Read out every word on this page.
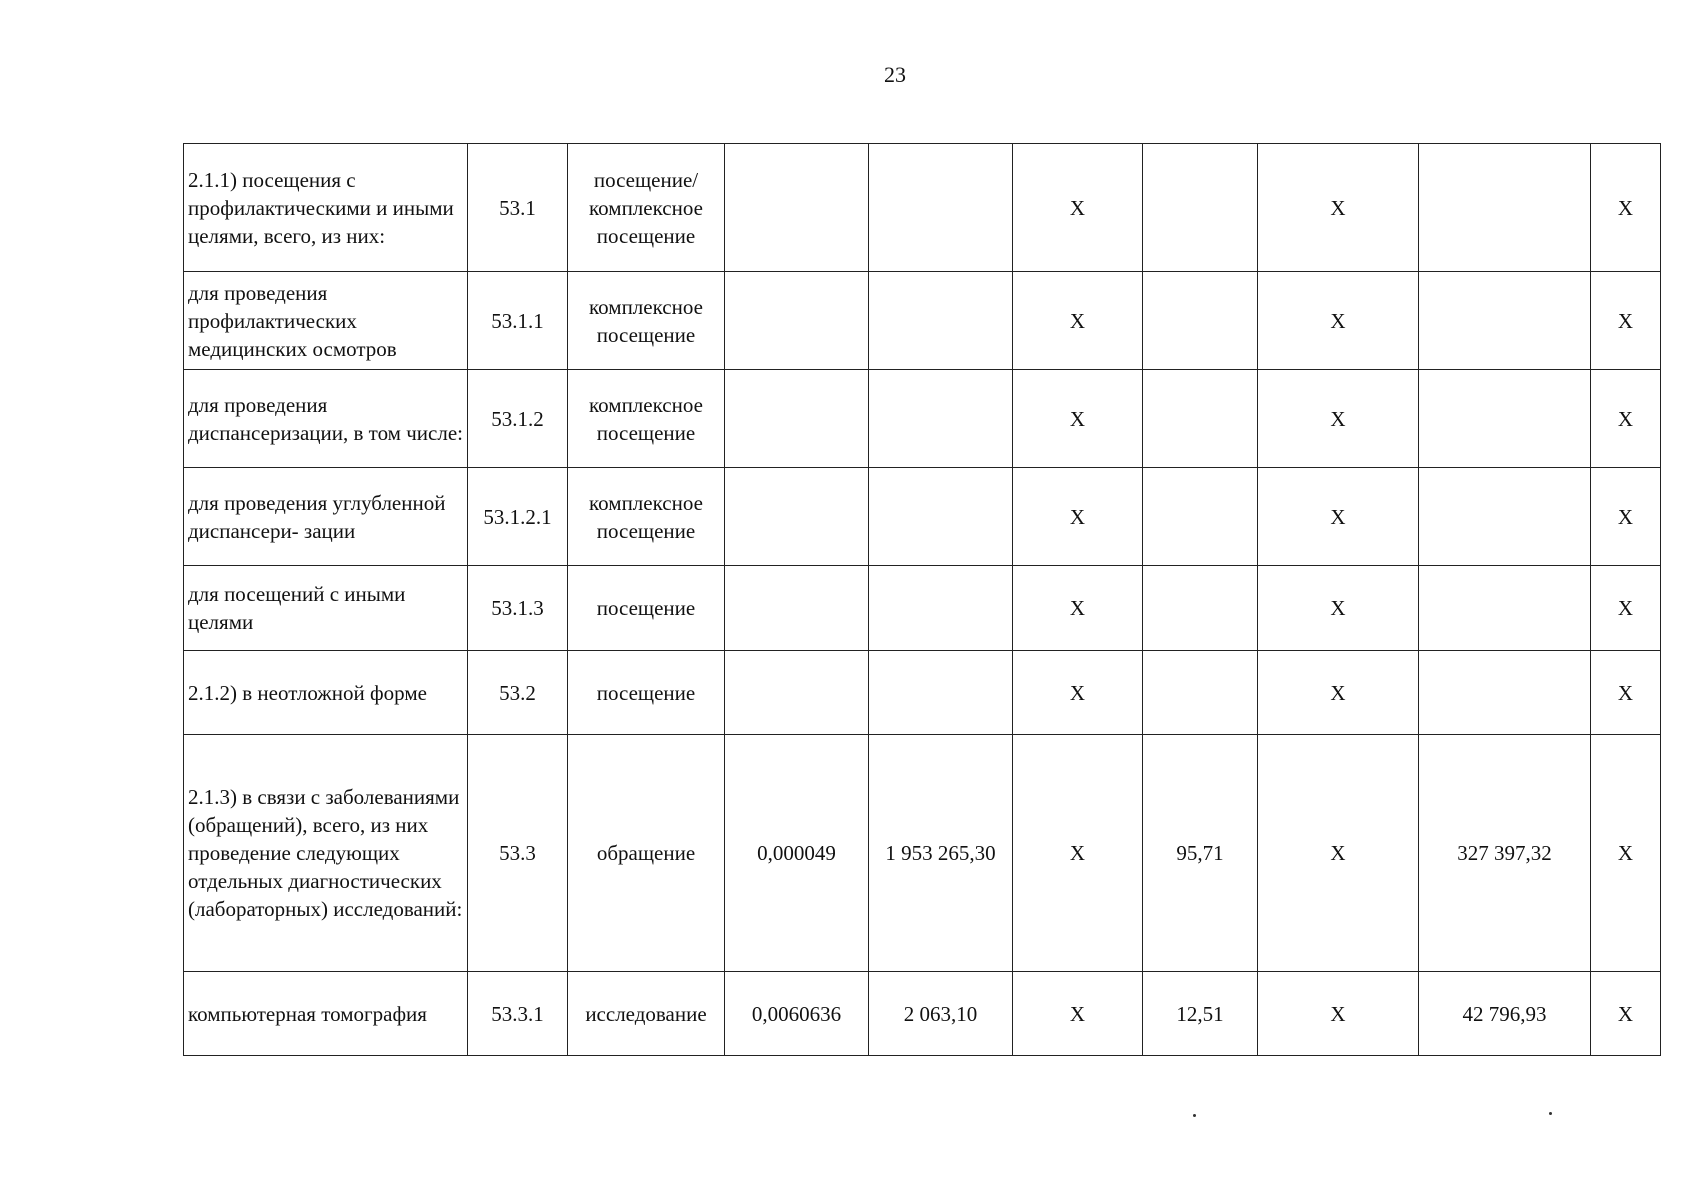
23
2.1.1) посещения с профилактическими и иными целями, всего, из них:	53.1	посещение/ комплексное посещение			X		X		X
для проведения профилактических медицинских осмотров	53.1.1	комплексное посещение			X		X		X
для проведения диспансеризации, в том числе:	53.1.2	комплексное посещение			X		X		X
для проведения углубленной диспансери- зации	53.1.2.1	комплексное посещение			X		X		X
для посещений с иными целями	53.1.3	посещение			X		X		X
2.1.2) в неотложной форме	53.2	посещение			X		X		X
2.1.3) в связи с заболеваниями (обращений), всего, из них проведение следующих отдельных диагностических (лабораторных) исследований:	53.3	обращение	0,000049	1 953 265,30	X	95,71	X	327 397,32	X
компьютерная томография	53.3.1	исследование	0,0060636	2 063,10	X	12,51	X	42 796,93	X
